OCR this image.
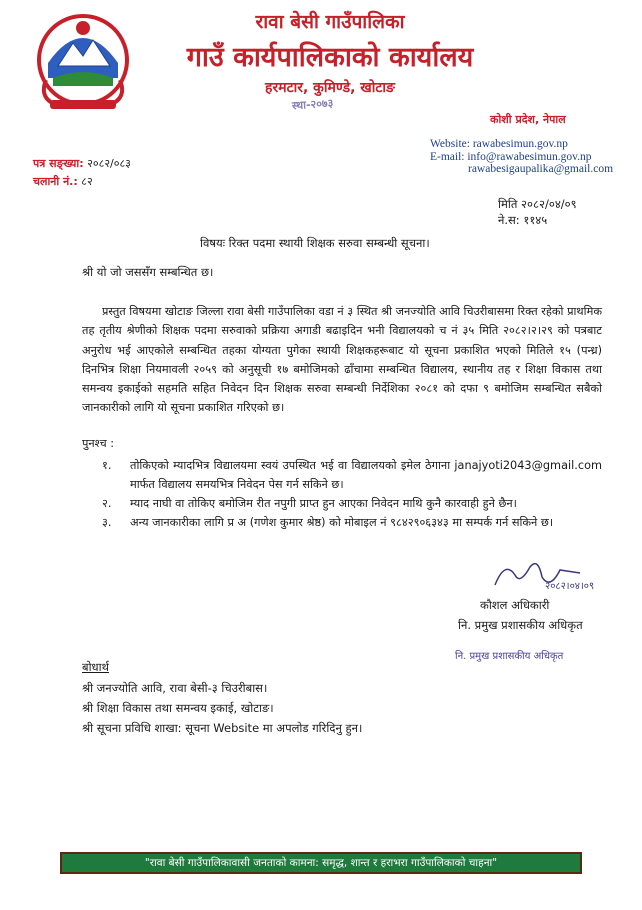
रावा बेसी गाउँपालिका
गाउँ कार्यपालिकाको कार्यालय
हरमटार, कुमिण्डे, खोटाङ
स्था-२०७३
कोशी प्रदेश, नेपाल
Website: rawabesimun.gov.np
E-mail: info@rawabesimun.gov.np
rawabesigaupalika@gmail.com
पत्र सङ्ख्या: २०८२/०८३
चलानी नं.: ८२
मिति २०८२/०४/०९
ने.स: ११४५
विषयः रिक्त पदमा स्थायी शिक्षक सरुवा सम्बन्धी सूचना।
श्री यो जो जससँग सम्बन्धित छ।
प्रस्तुत विषयमा खोटाङ जिल्ला रावा बेसी गाउँपालिका वडा नं ३ स्थित श्री जनज्योति आवि चिउरीबासमा रिक्त रहेको प्राथमिक तह तृतीय श्रेणीको शिक्षक पदमा सरुवाको प्रक्रिया अगाडी बढाइदिन भनी विद्यालयको च नं ३५ मिति २०८२।२।२९ को पत्रबाट अनुरोध भई आएकोले सम्बन्धित तहका योग्यता पुगेका स्थायी शिक्षकहरूबाट यो सूचना प्रकाशित भएको मितिले १५ (पन्ध्र) दिनभित्र शिक्षा नियमावली २०५९ को अनुसूची १७ बमोजिमको ढाँचामा सम्बन्धित विद्यालय, स्थानीय तह र शिक्षा विकास तथा समन्वय इकाईको सहमति सहित निवेदन दिन शिक्षक सरुवा सम्बन्धी निर्देशिका २०८१ को दफा ९ बमोजिम सम्बन्धित सबैको जानकारीको लागि यो सूचना प्रकाशित गरिएको छ।
पुनश्च :
१.	तोकिएको म्यादभित्र विद्यालयमा स्वयं उपस्थित भई वा विद्यालयको इमेल ठेगाना janajyoti2043@gmail.com मार्फत विद्यालय समयभित्र निवेदन पेस गर्न सकिने छ।
२.	म्याद नाघी वा तोकिए बमोजिम रीत नपुगी प्राप्त हुन आएका निवेदन माथि कुनै कारवाही हुने छैन।
३.	अन्य जानकारीका लागि प्र अ (गणेश कुमार श्रेष्ठ) को मोबाइल नं ९८४२९०६३४३ मा सम्पर्क गर्न सकिने छ।
२०८२।०४।०९
कौशल अधिकारी
नि. प्रमुख प्रशासकीय अधिकृत
नि. प्रमुख प्रशासकीय अधिकृत
बोधार्थ
श्री जनज्योति आवि, रावा बेसी-३ चिउरीबास।
श्री शिक्षा विकास तथा समन्वय इकाई, खोटाङ।
श्री सूचना प्रविधि शाखा: सूचना Website मा अपलोड गरिदिनु हुन।
"रावा बेसी गाउँपालिकावासी जनताको कामना: समृद्ध, शान्त र हराभरा गाउँपालिकाको चाहना"
